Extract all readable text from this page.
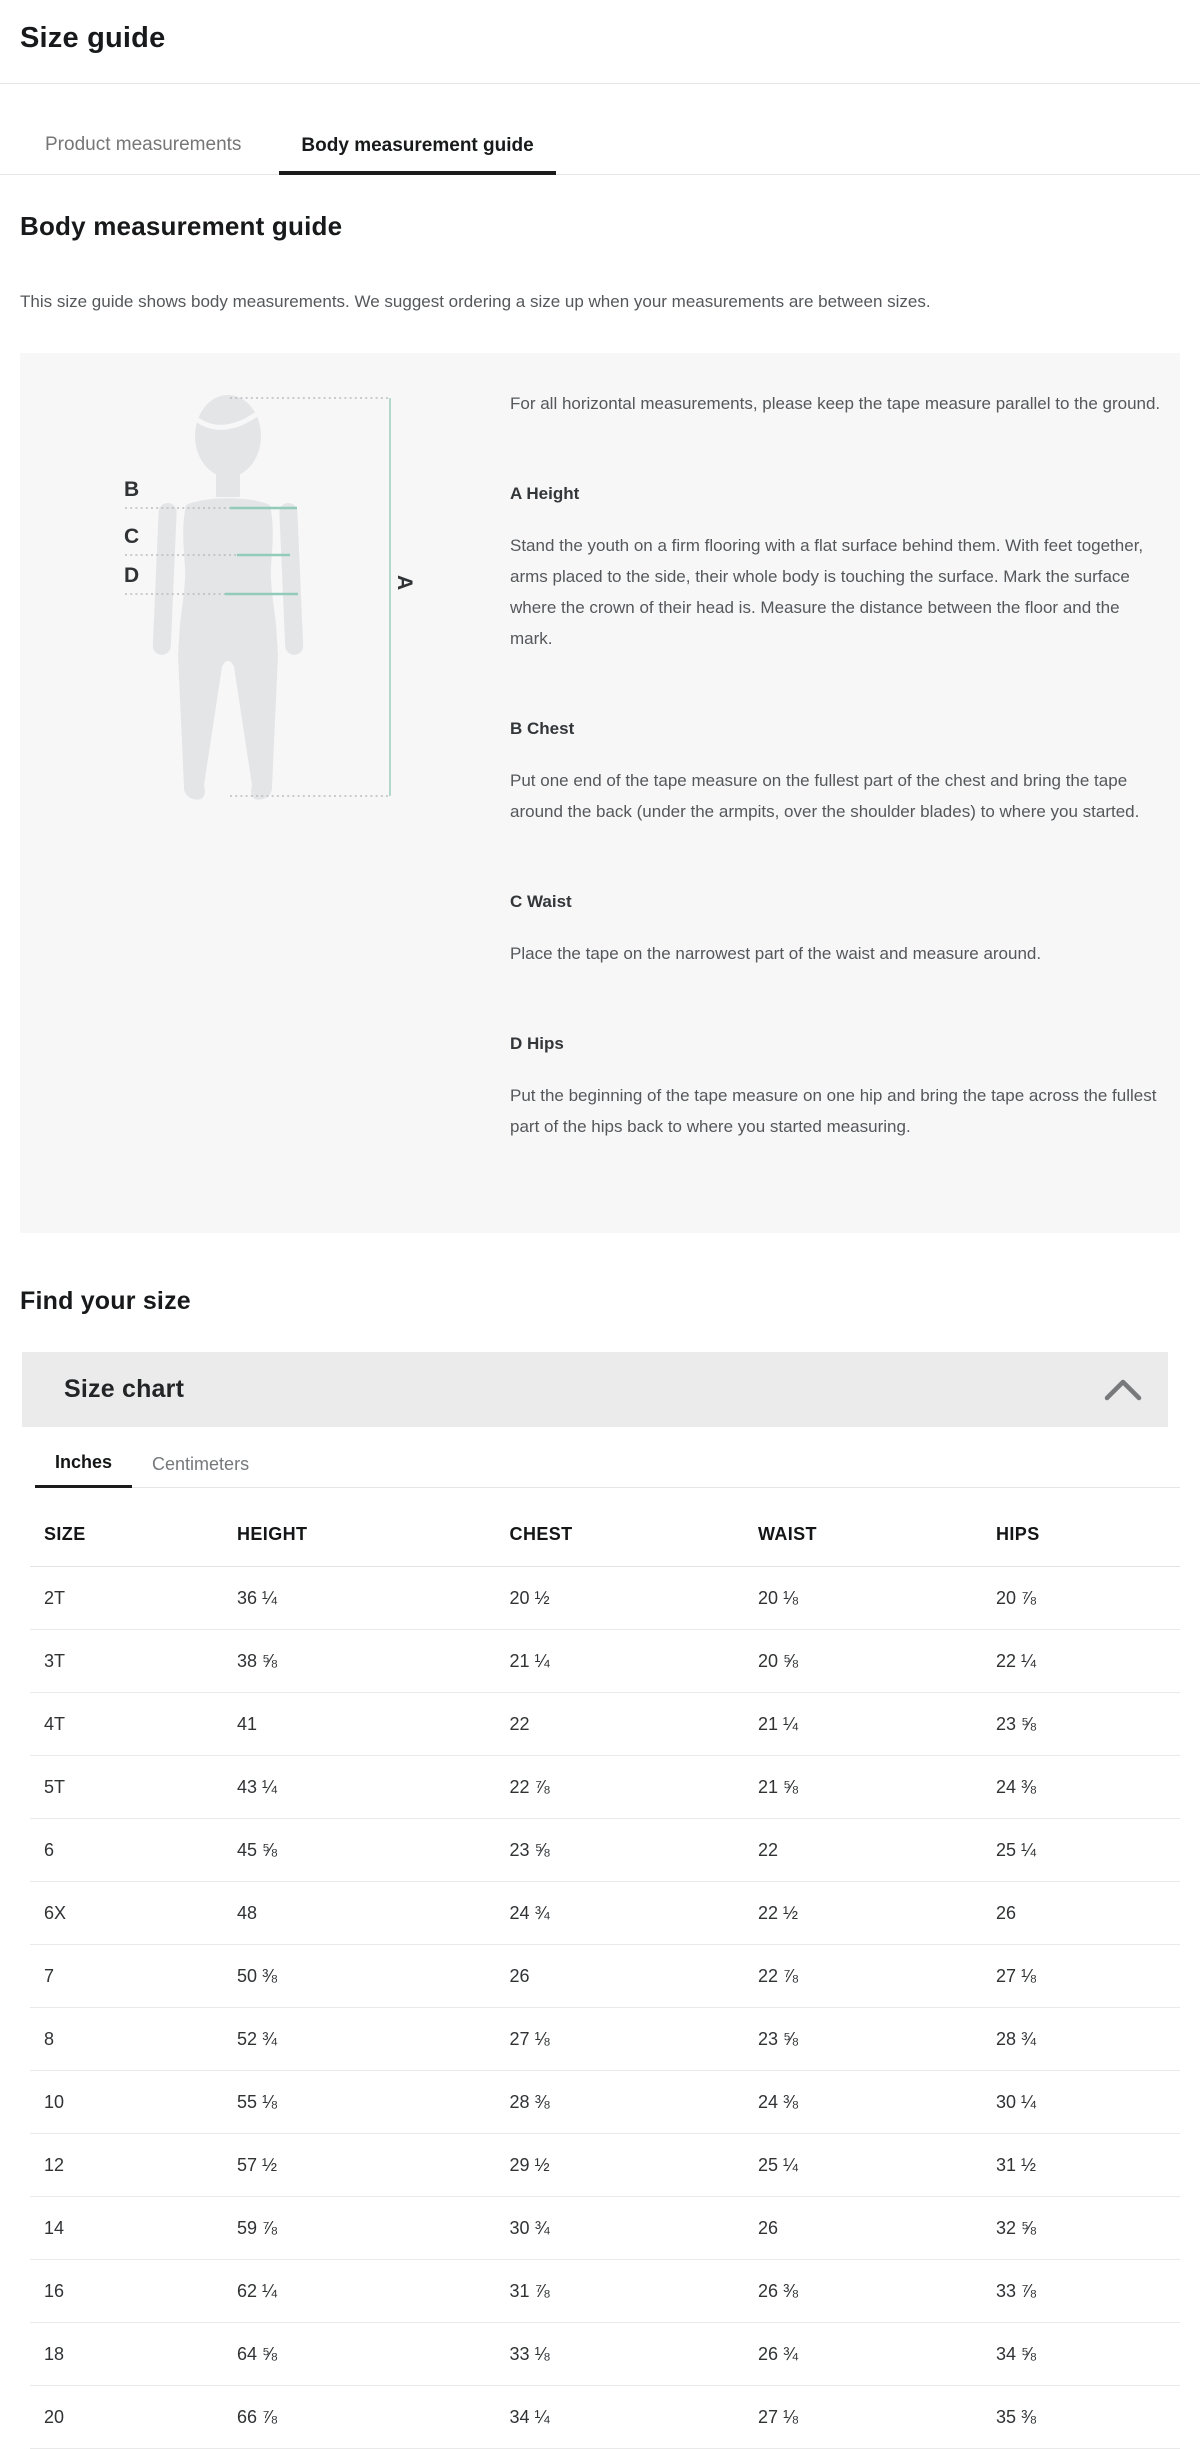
Size guide
Product measurements	Body measurement guide
Body measurement guide

This size guide shows body measurements. We suggest ordering a size up when your measurements are between sizes.

B
C
D	A

For all horizontal measurements, please keep the tape measure parallel to the ground.

A Height

Stand the youth on a firm flooring with a flat surface behind them. With feet together, arms placed to the side, their whole body is touching the surface. Mark the surface where the crown of their head is. Measure the distance between the floor and the mark.

B Chest

Put one end of the tape measure on the fullest part of the chest and bring the tape around the back (under the armpits, over the shoulder blades) to where you started.

C Waist

Place the tape on the narrowest part of the waist and measure around.

D Hips

Put the beginning of the tape measure on one hip and bring the tape across the fullest part of the hips back to where you started measuring.

Find your size
Size chart
Inches	Centimeters
SIZE	HEIGHT	CHEST	WAIST	HIPS
2T	36 ¼	20 ½	20 ⅛	20 ⅞
3T	38 ⅝	21 ¼	20 ⅝	22 ¼
4T	41	22	21 ¼	23 ⅝
5T	43 ¼	22 ⅞	21 ⅝	24 ⅜
6	45 ⅝	23 ⅝	22	25 ¼
6X	48	24 ¾	22 ½	26
7	50 ⅜	26	22 ⅞	27 ⅛
8	52 ¾	27 ⅛	23 ⅝	28 ¾
10	55 ⅛	28 ⅜	24 ⅜	30 ¼
12	57 ½	29 ½	25 ¼	31 ½
14	59 ⅞	30 ¾	26	32 ⅝
16	62 ¼	31 ⅞	26 ⅜	33 ⅞
18	64 ⅝	33 ⅛	26 ¾	34 ⅝
20	66 ⅞	34 ¼	27 ⅛	35 ⅜
